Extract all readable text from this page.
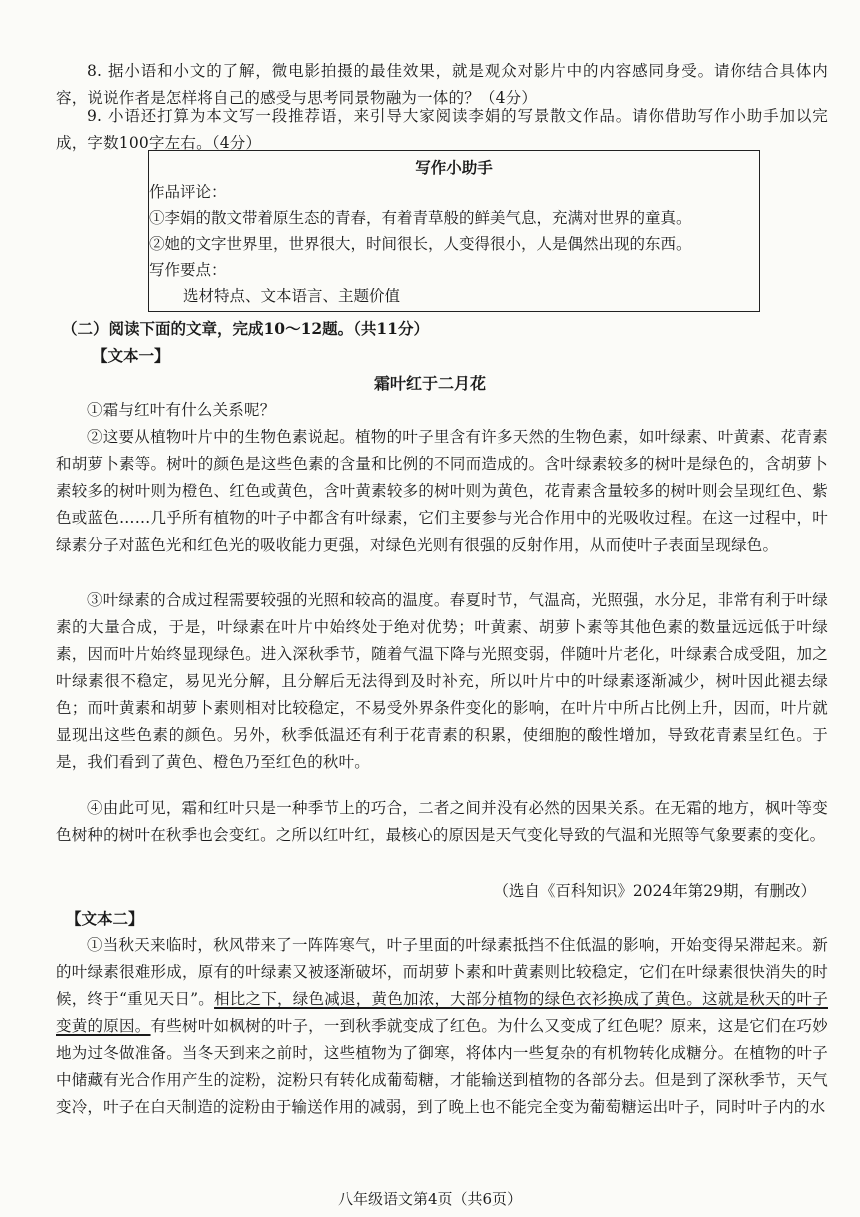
8. 据小语和小文的了解，微电影拍摄的最佳效果，就是观众对影片中的内容感同身受。请你结合具体内容，说说作者是怎样将自己的感受与思考同景物融为一体的？（4分）

9. 小语还打算为本文写一段推荐语，来引导大家阅读李娟的写景散文作品。请你借助写作小助手加以完成，字数100字左右。（4分）

写作小助手

作品评论：

①李娟的散文带着原生态的青春，有着青草般的鲜美气息，充满对世界的童真。

②她的文字世界里，世界很大，时间很长，人变得很小，人是偶然出现的东西。

写作要点：

选材特点、文本语言、主题价值

（二）阅读下面的文章，完成10～12题。（共11分）

【文本一】

霜叶红于二月花

①霜与红叶有什么关系呢？

②这要从植物叶片中的生物色素说起。植物的叶子里含有许多天然的生物色素，如叶绿素、叶黄素、花青素和胡萝卜素等。树叶的颜色是这些色素的含量和比例的不同而造成的。含叶绿素较多的树叶是绿色的，含胡萝卜素较多的树叶则为橙色、红色或黄色，含叶黄素较多的树叶则为黄色，花青素含量较多的树叶则会呈现红色、紫色或蓝色……几乎所有植物的叶子中都含有叶绿素，它们主要参与光合作用中的光吸收过程。在这一过程中，叶绿素分子对蓝色光和红色光的吸收能力更强，对绿色光则有很强的反射作用，从而使叶子表面呈现绿色。

③叶绿素的合成过程需要较强的光照和较高的温度。春夏时节，气温高，光照强，水分足，非常有利于叶绿素的大量合成，于是，叶绿素在叶片中始终处于绝对优势；叶黄素、胡萝卜素等其他色素的数量远远低于叶绿素，因而叶片始终显现绿色。进入深秋季节，随着气温下降与光照变弱，伴随叶片老化，叶绿素合成受阻，加之叶绿素很不稳定，易见光分解，且分解后无法得到及时补充，所以叶片中的叶绿素逐渐减少，树叶因此褪去绿色；而叶黄素和胡萝卜素则相对比较稳定，不易受外界条件变化的影响，在叶片中所占比例上升，因而，叶片就显现出这些色素的颜色。另外，秋季低温还有利于花青素的积累，使细胞的酸性增加，导致花青素呈红色。于是，我们看到了黄色、橙色乃至红色的秋叶。

④由此可见，霜和红叶只是一种季节上的巧合，二者之间并没有必然的因果关系。在无霜的地方，枫叶等变色树种的树叶在秋季也会变红。之所以红叶红，最核心的原因是天气变化导致的气温和光照等气象要素的变化。

（选自《百科知识》2024年第29期，有删改）

【文本二】

①当秋天来临时，秋风带来了一阵阵寒气，叶子里面的叶绿素抵挡不住低温的影响，开始变得呆滞起来。新的叶绿素很难形成，原有的叶绿素又被逐渐破坏，而胡萝卜素和叶黄素则比较稳定，它们在叶绿素很快消失的时候，终于“重见天日”。相比之下，绿色减退，黄色加浓，大部分植物的绿色衣衫换成了黄色。这就是秋天的叶子变黄的原因。有些树叶如枫树的叶子，一到秋季就变成了红色。为什么又变成了红色呢？原来，这是它们在巧妙地为过冬做准备。当冬天到来之前时，这些植物为了御寒，将体内一些复杂的有机物转化成糖分。在植物的叶子中储藏有光合作用产生的淀粉，淀粉只有转化成葡萄糖，才能输送到植物的各部分去。但是到了深秋季节，天气变冷，叶子在白天制造的淀粉由于输送作用的减弱，到了晚上也不能完全变为葡萄糖运出叶子，同时叶子内的水

八年级语文第4页（共6页）
